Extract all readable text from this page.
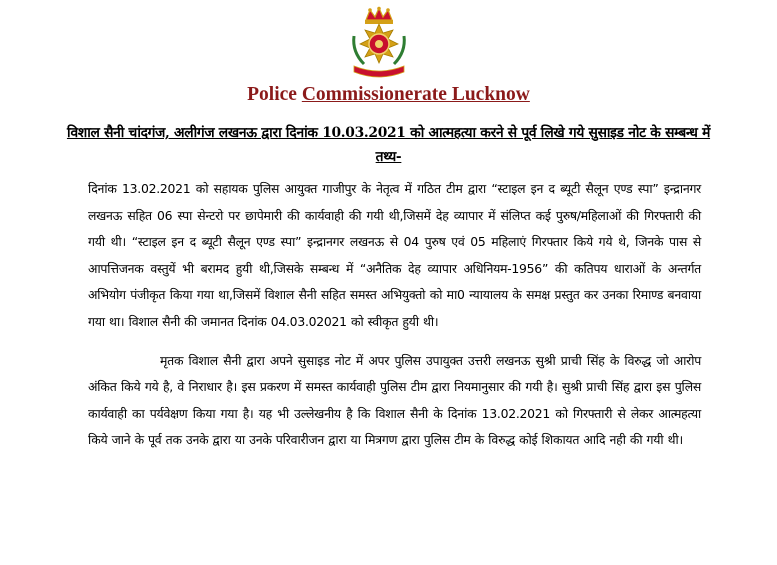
Police Commissionerate Lucknow
विशाल सैनी चांदगंज, अलीगंज लखनऊ द्वारा दिनांक 10.03.2021 को आत्महत्या करने से पूर्व लिखे गये सुसाइड नोट के सम्बन्ध में तथ्य-

दिनांक 13.02.2021 को सहायक पुलिस आयुक्त गाजीपुर के नेतृत्व में गठित टीम द्वारा “स्टाइल इन द ब्यूटी सैलून एण्ड स्पा” इन्द्रानगर लखनऊ सहित 06 स्पा सेन्टरो पर छापेमारी की कार्यवाही की गयी थी,जिसमें देह व्यापार में संलिप्त कई पुरुष/महिलाओं की गिरफ्तारी की गयी थी। “स्टाइल इन द ब्यूटी सैलून एण्ड स्पा” इन्द्रानगर लखनऊ से 04 पुरुष एवं 05 महिलाएं गिरफ्तार किये गये थे, जिनके पास से आपत्तिजनक वस्तुयें भी बरामद हुयी थी,जिसके सम्बन्ध में “अनैतिक देह व्यापार अधिनियम-1956” की कतिपय धाराओं के अन्तर्गत अभियोग पंजीकृत किया गया था,जिसमें विशाल सैनी सहित समस्त अभियुक्तो को मा0 न्यायालय के समक्ष प्रस्तुत कर उनका रिमाण्ड बनवाया गया था। विशाल सैनी की जमानत दिनांक 04.03.02021 को स्वीकृत हुयी थी।

मृतक विशाल सैनी द्वारा अपने सुसाइड नोट में अपर पुलिस उपायुक्त उत्तरी लखनऊ सुश्री प्राची सिंह के विरुद्ध जो आरोप अंकित किये गये है, वे निराधार है। इस प्रकरण में समस्त कार्यवाही पुलिस टीम द्वारा नियमानुसार की गयी है। सुश्री प्राची सिंह द्वारा इस पुलिस कार्यवाही का पर्यवेक्षण किया गया है। यह भी उल्लेखनीय है कि विशाल सैनी के दिनांक 13.02.2021 को गिरफ्तारी से लेकर आत्महत्या किये जाने के पूर्व तक उनके द्वारा या उनके परिवारीजन द्वारा या मित्रगण द्वारा पुलिस टीम के विरुद्ध कोई शिकायत आदि नही की गयी थी।
